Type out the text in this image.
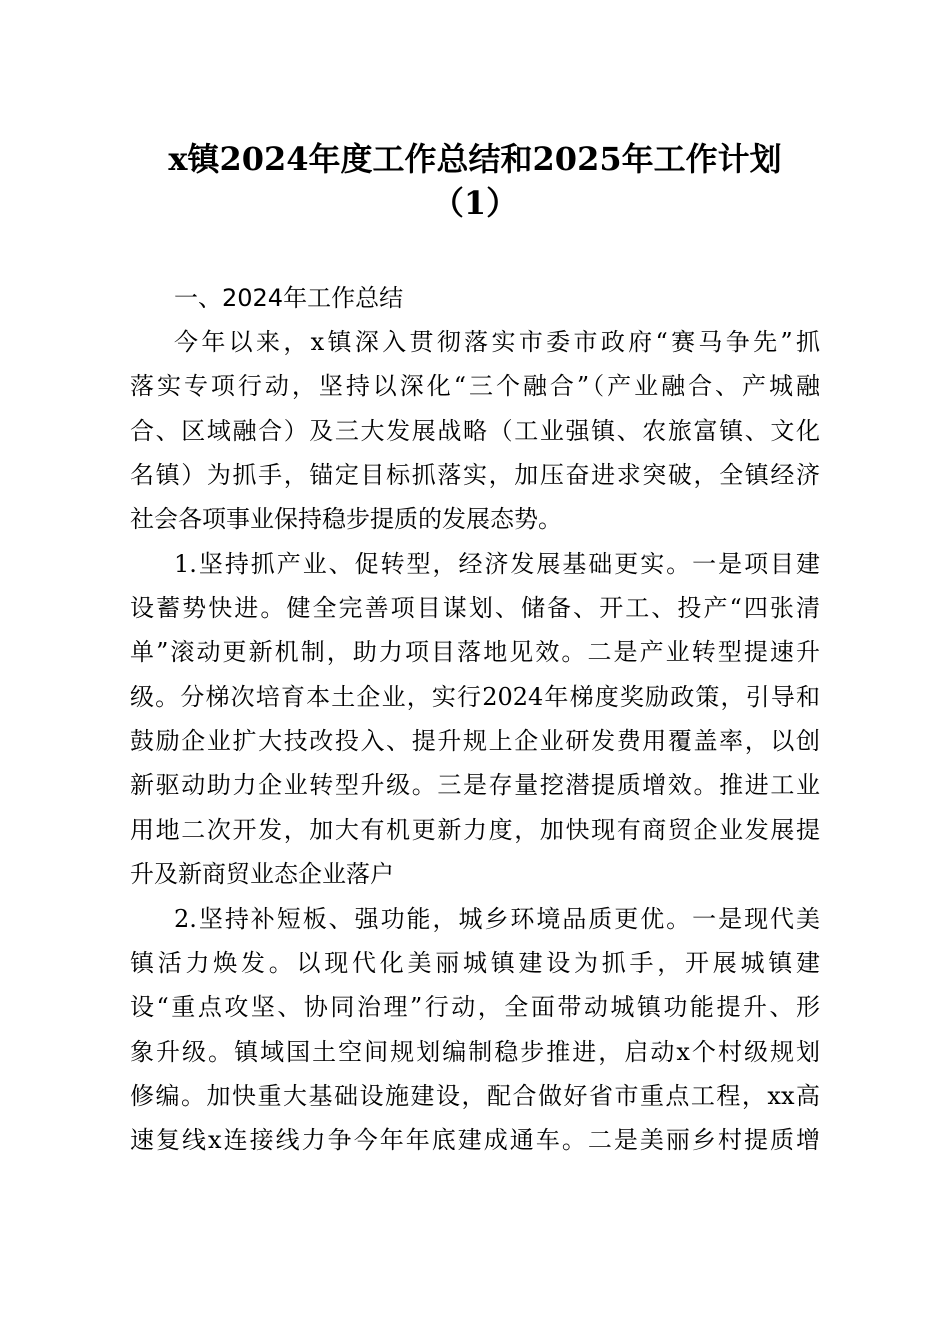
x镇2024年度工作总结和2025年工作计划
（1）
一、2024年工作总结
今年以来，x镇深入贯彻落实市委市政府“赛马争先”抓
落实专项行动，坚持以深化“三个融合”（产业融合、产城融
合、区域融合）及三大发展战略（工业强镇、农旅富镇、文化
名镇）为抓手，锚定目标抓落实，加压奋进求突破，全镇经济
社会各项事业保持稳步提质的发展态势。
1.坚持抓产业、促转型，经济发展基础更实。一是项目建
设蓄势快进。健全完善项目谋划、储备、开工、投产“四张清
单”滚动更新机制，助力项目落地见效。二是产业转型提速升
级。分梯次培育本土企业，实行2024年梯度奖励政策，引导和
鼓励企业扩大技改投入、提升规上企业研发费用覆盖率，以创
新驱动助力企业转型升级。三是存量挖潜提质增效。推进工业
用地二次开发，加大有机更新力度，加快现有商贸企业发展提
升及新商贸业态企业落户
2.坚持补短板、强功能，城乡环境品质更优。一是现代美
镇活力焕发。以现代化美丽城镇建设为抓手，开展城镇建
设“重点攻坚、协同治理”行动，全面带动城镇功能提升、形
象升级。镇域国土空间规划编制稳步推进，启动x个村级规划
修编。加快重大基础设施建设，配合做好省市重点工程，xx高
速复线x连接线力争今年年底建成通车。二是美丽乡村提质增
